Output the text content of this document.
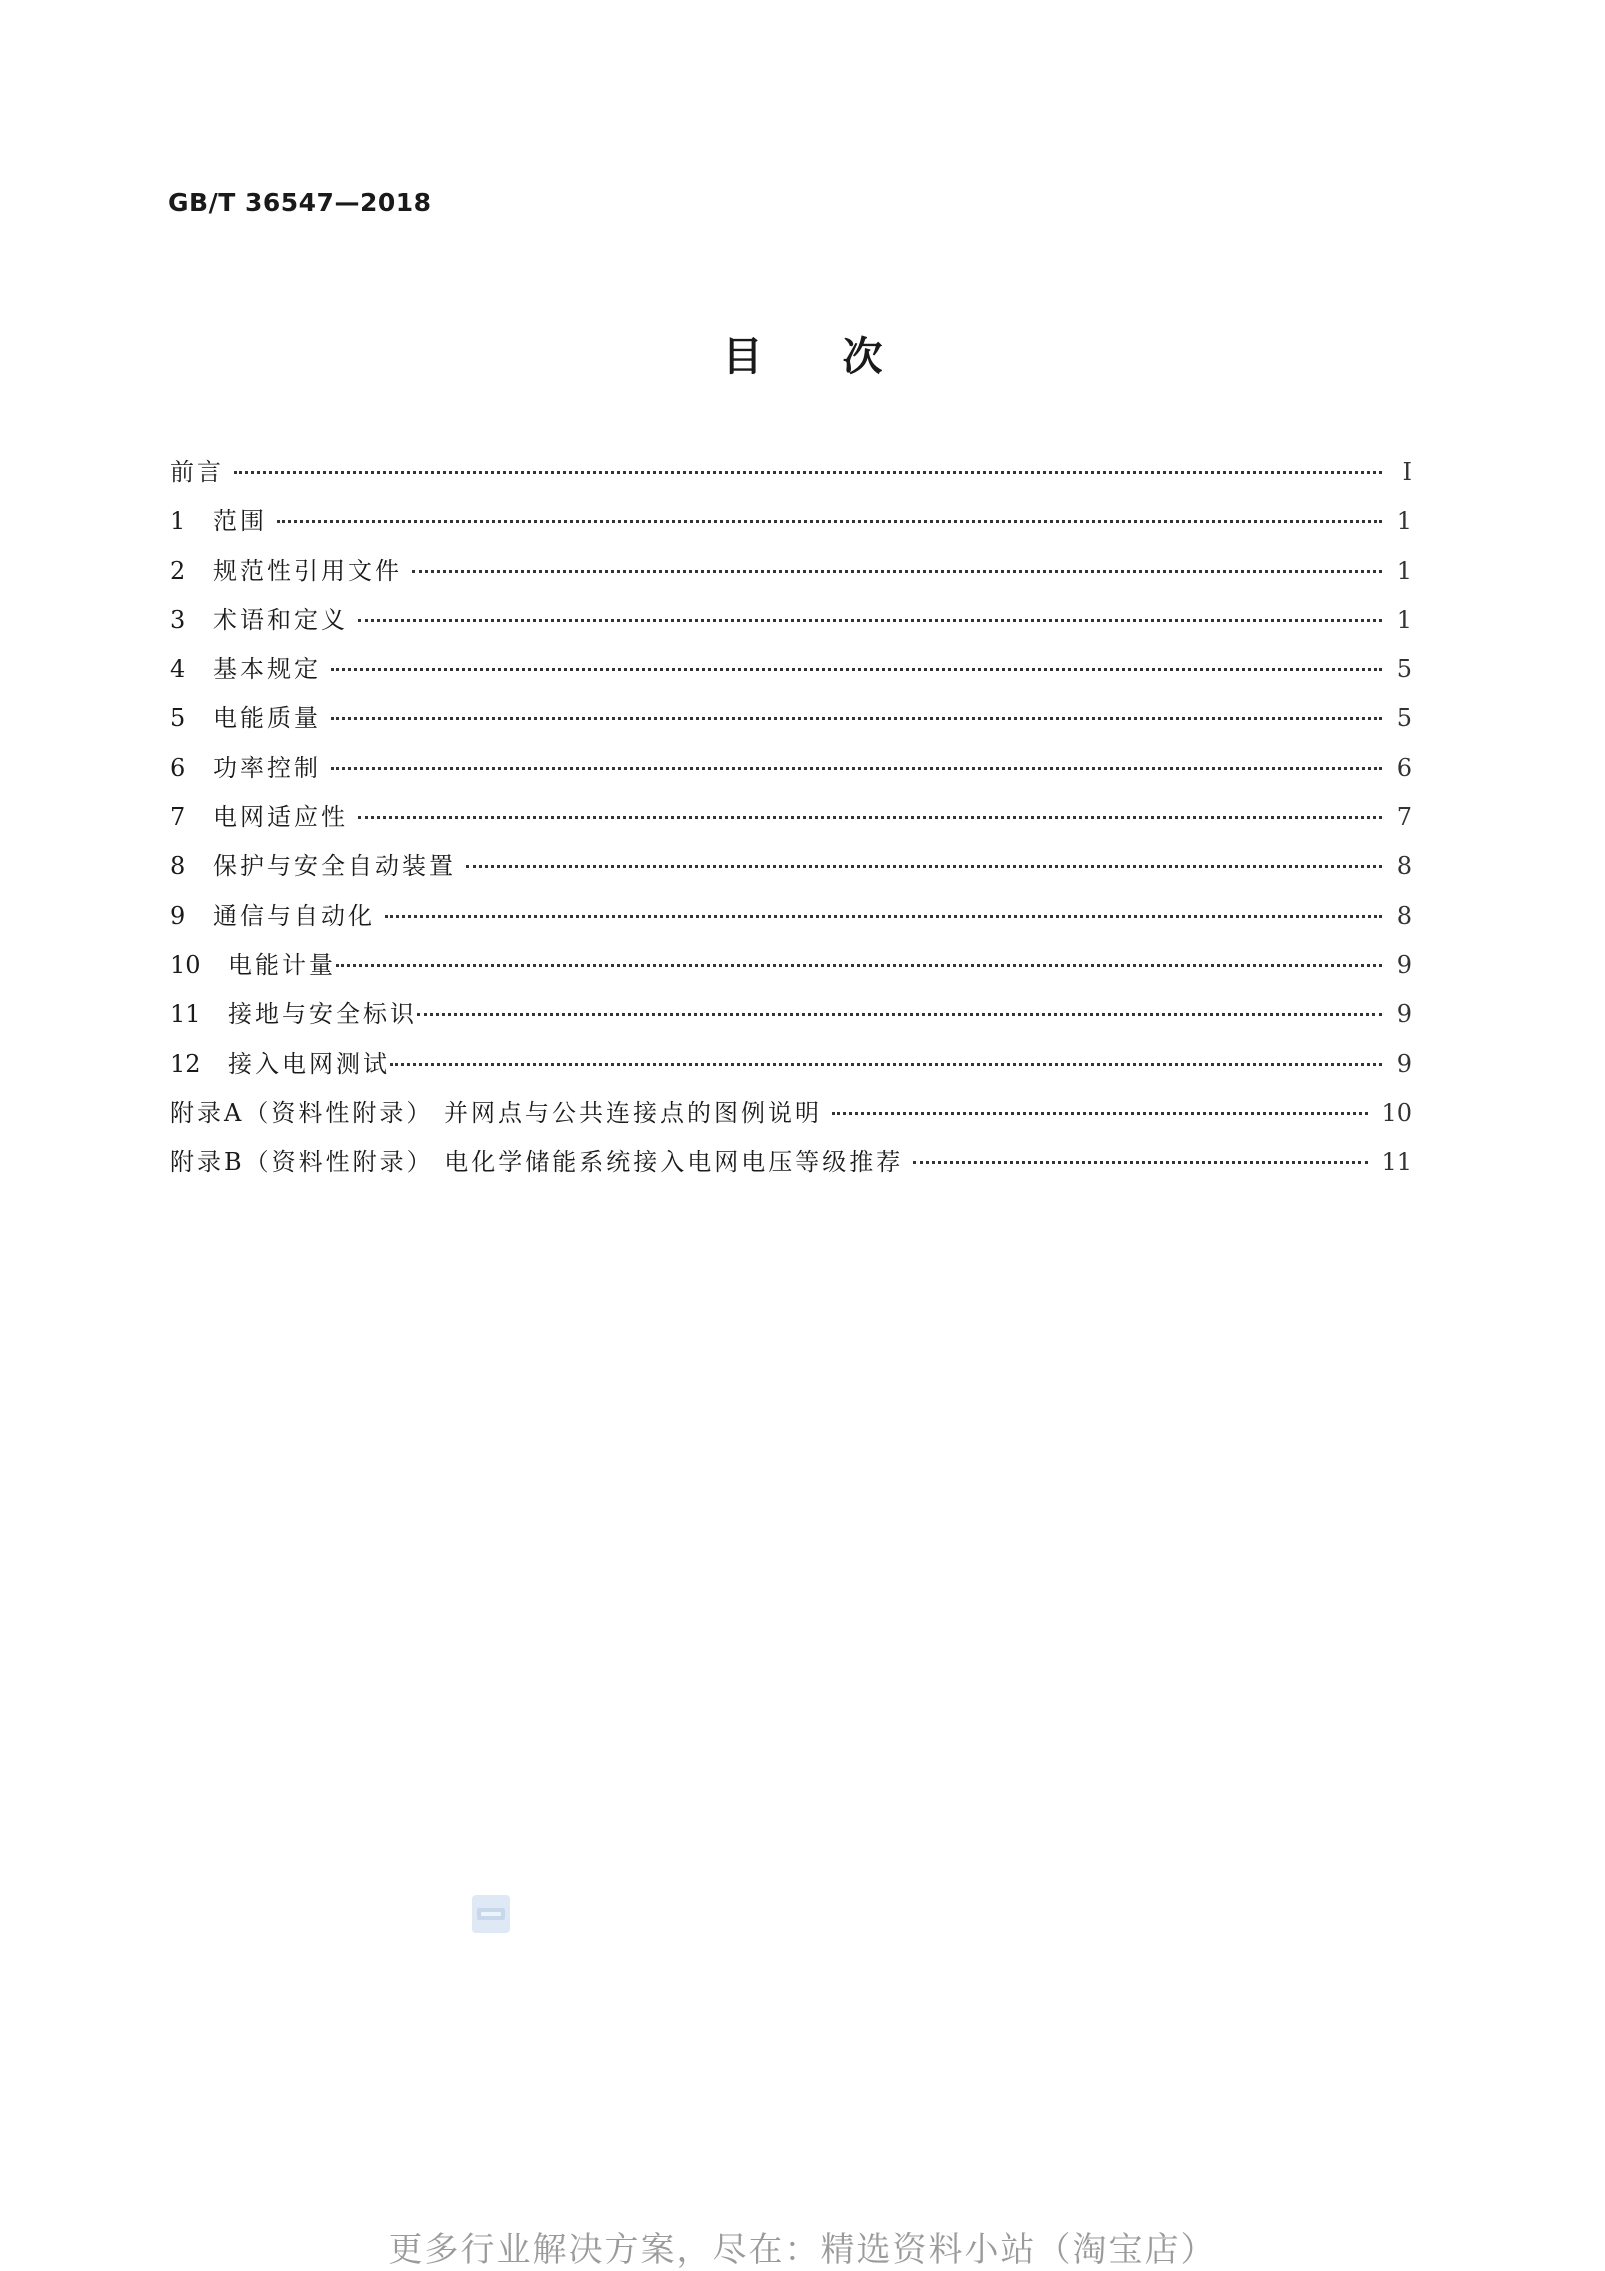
GB/T 36547—2018
目次
前言	I
1	范围	1
2	规范性引用文件	1
3	术语和定义	1
4	基本规定	5
5	电能质量	5
6	功率控制	6
7	电网适应性	7
8	保护与安全自动装置	8
9	通信与自动化	8
10	电能计量	9
11	接地与安全标识	9
12	接入电网测试	9
附录A（资料性附录） 并网点与公共连接点的图例说明	10
附录B（资料性附录） 电化学储能系统接入电网电压等级推荐	11
更多行业解决方案，尽在：精选资料小站（淘宝店）
